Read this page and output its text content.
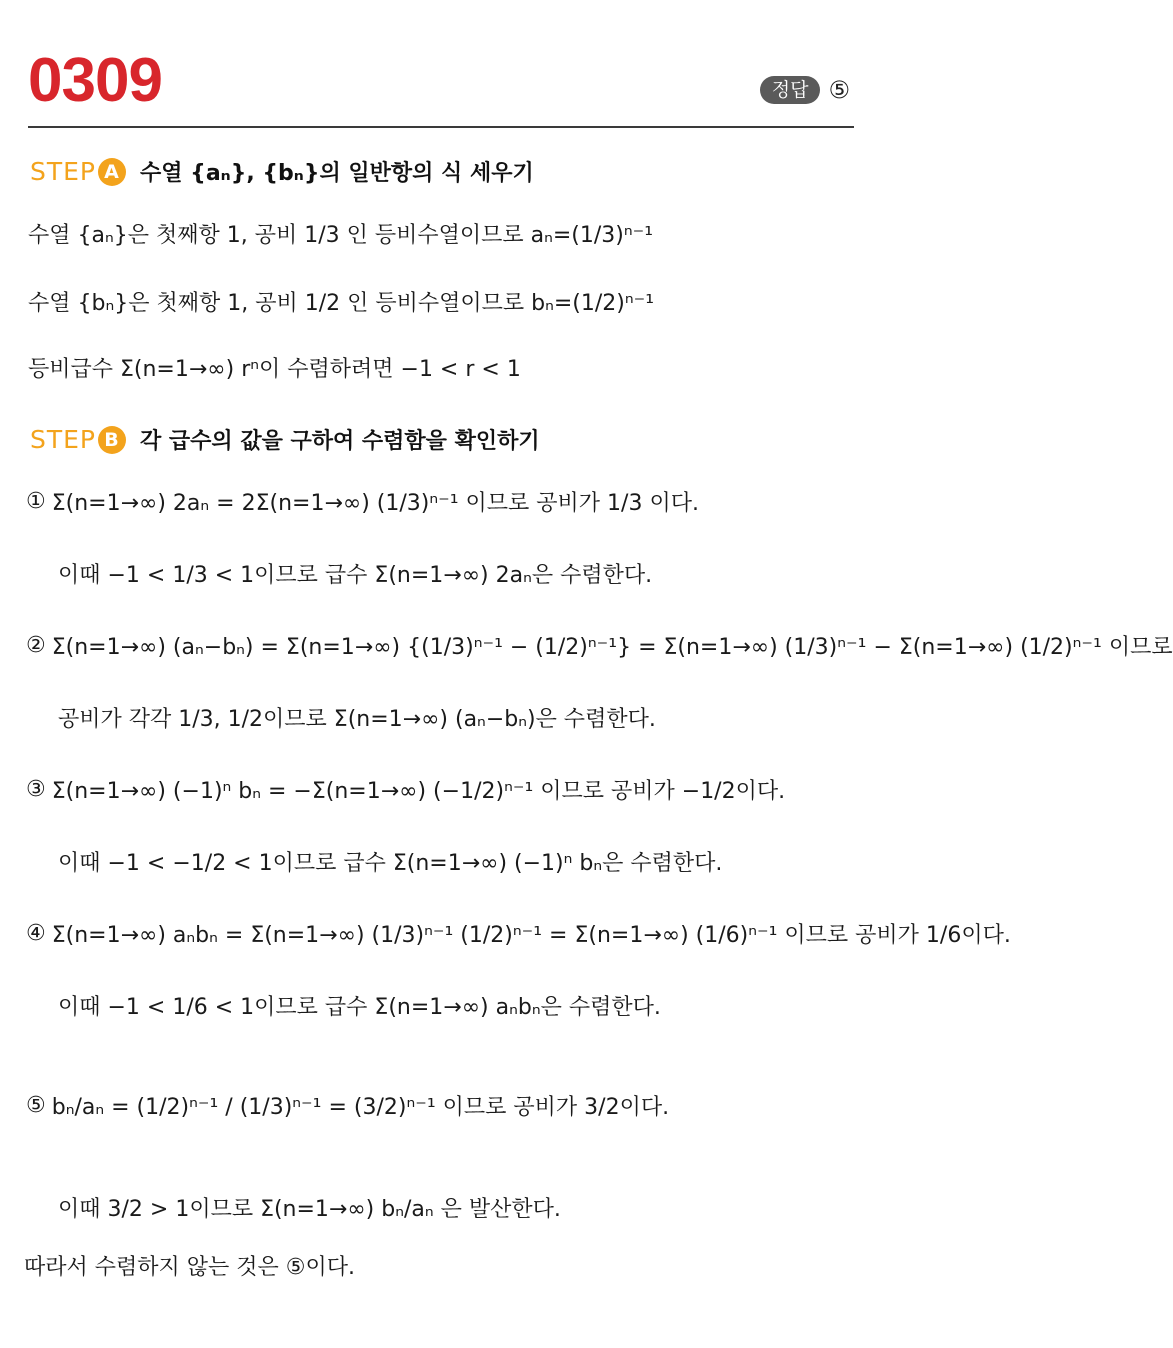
0309	정답 ⑤
STEP A 수열 {aₙ}, {bₙ}의 일반항의 식 세우기
수열 {aₙ}은 첫째항 1, 공비 1/3 인 등비수열이므로 aₙ=(1/3)ⁿ⁻¹
수열 {bₙ}은 첫째항 1, 공비 1/2 인 등비수열이므로 bₙ=(1/2)ⁿ⁻¹
등비급수 Σ(n=1→∞) rⁿ이 수렴하려면 −1 < r < 1
STEP B 각 급수의 값을 구하여 수렴함을 확인하기
① Σ(n=1→∞) 2aₙ = 2Σ(n=1→∞) (1/3)ⁿ⁻¹ 이므로 공비가 1/3 이다.
이때 −1 < 1/3 < 1이므로 급수 Σ(n=1→∞) 2aₙ은 수렴한다.
② Σ(n=1→∞) (aₙ−bₙ) = Σ(n=1→∞) {(1/3)ⁿ⁻¹ − (1/2)ⁿ⁻¹} = Σ(n=1→∞) (1/3)ⁿ⁻¹ − Σ(n=1→∞) (1/2)ⁿ⁻¹ 이므로
공비가 각각 1/3, 1/2이므로 Σ(n=1→∞) (aₙ−bₙ)은 수렴한다.
③ Σ(n=1→∞) (−1)ⁿ bₙ = −Σ(n=1→∞) (−1/2)ⁿ⁻¹ 이므로 공비가 −1/2이다.
이때 −1 < −1/2 < 1이므로 급수 Σ(n=1→∞) (−1)ⁿ bₙ은 수렴한다.
④ Σ(n=1→∞) aₙbₙ = Σ(n=1→∞) (1/3)ⁿ⁻¹ (1/2)ⁿ⁻¹ = Σ(n=1→∞) (1/6)ⁿ⁻¹ 이므로 공비가 1/6이다.
이때 −1 < 1/6 < 1이므로 급수 Σ(n=1→∞) aₙbₙ은 수렴한다.
⑤ bₙ/aₙ = (1/2)ⁿ⁻¹ / (1/3)ⁿ⁻¹ = (3/2)ⁿ⁻¹ 이므로 공비가 3/2이다.
이때 3/2 > 1이므로 Σ(n=1→∞) bₙ/aₙ 은 발산한다.
따라서 수렴하지 않는 것은 ⑤이다.
